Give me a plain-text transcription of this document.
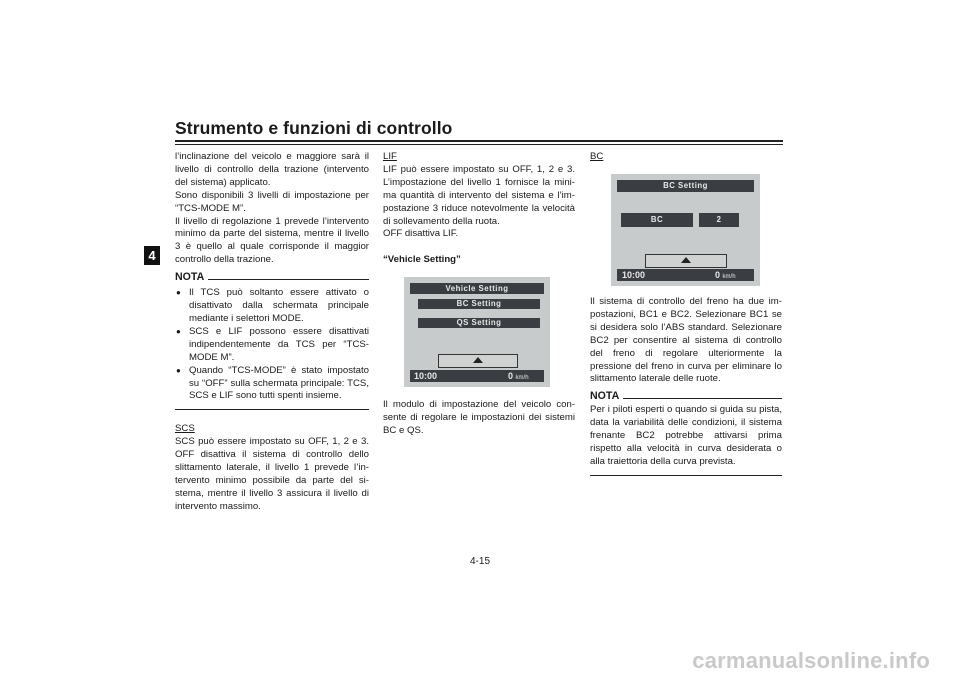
Strumento e funzioni di controllo
4

l’inclinazione del veicolo e maggiore sarà il livello di controllo della trazione (intervento del sistema) applicato.

Sono disponibili 3 livelli di impostazione per “TCS-MODE M”.

Il livello di regolazione 1 prevede l’intervento minimo da parte del sistema, mentre il livello 3 è quello al quale corrisponde il maggior controllo della trazione.

NOTA
● Il TCS può soltanto essere attivato o disattivato dalla schermata principale mediante i selettori MODE.
● SCS e LIF possono essere disattivati indipendentemente da TCS per “TCS-MODE M”.
● Quando “TCS-MODE” è stato impostato su “OFF” sulla schermata principale: TCS, SCS e LIF sono tutti spenti insieme.

SCS

SCS può essere impostato su OFF, 1, 2 e 3. OFF disattiva il sistema di controllo dello slittamento laterale, il livello 1 prevede l’intervento minimo possibile da parte del sistema, mentre il livello 3 assicura il livello di intervento massimo.

LIF

LIF può essere impostato su OFF, 1, 2 e 3. L’impostazione del livello 1 fornisce la minima quantità di intervento del sistema e l’impostazione 3 riduce notevolmente la velocità di sollevamento della ruota.

OFF disattiva LIF.

“Vehicle Setting”

Vehicle Setting
BC Setting
QS Setting
10:00	0 km/h

Il modulo di impostazione del veicolo consente di regolare le impostazioni dei sistemi BC e QS.

BC

BC Setting
BC	2
10:00	0 km/h

Il sistema di controllo del freno ha due impostazioni, BC1 e BC2. Selezionare BC1 se si desidera solo l’ABS standard. Selezionare BC2 per consentire al sistema di controllo del freno di regolare ulteriormente la pressione del freno in curva per eliminare lo slittamento laterale delle ruote.

NOTA

Per i piloti esperti o quando si guida su pista, data la variabilità delle condizioni, il sistema frenante BC2 potrebbe attivarsi prima rispetto alla velocità in curva desiderata o alla traiettoria della curva prevista.

4-15
carmanualsonline.info
